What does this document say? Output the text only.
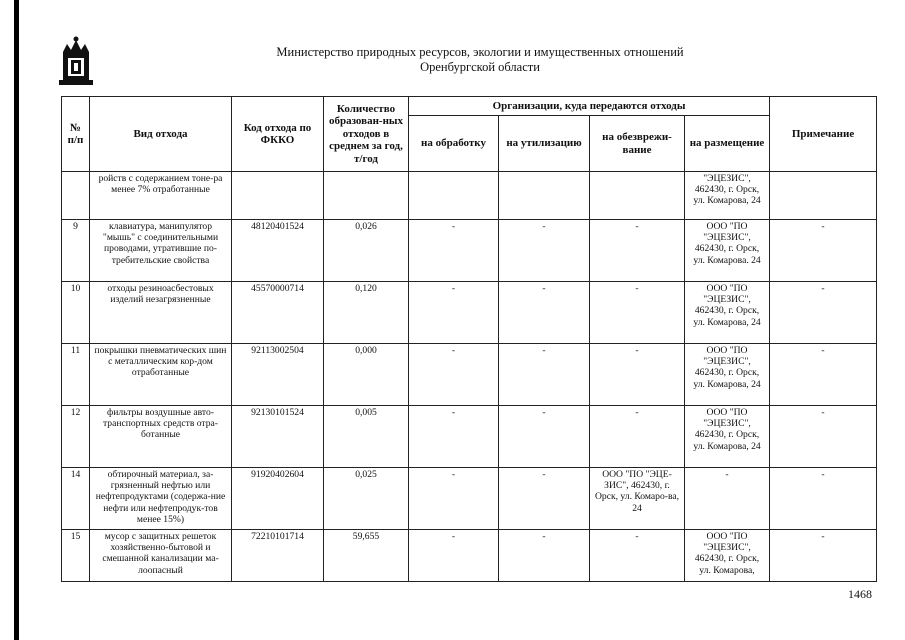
Министерство природных ресурсов, экологии и имущественных отношений
Оренбургской области
№ п/п	Вид отхода	Код отхода по ФККО	Количество образован-ных отходов в среднем за год, т/год	Организации, куда передаются отходы				Примечание
				на обработку	на утилизацию	на обезврежи-вание	на размещение	
	ройств с содержанием тоне-ра менее 7% отработанные						"ЭЦЕЗИС", 462430, г. Орск, ул. Комарова, 24	
9	клавиатура, манипулятор "мышь" с соединительными проводами, утратившие по-требительские свойства	48120401524	0,026	-	-	-	ООО "ПО "ЭЦЕЗИС", 462430, г. Орск, ул. Комарова. 24	-
10	отходы резиноасбестовых изделий незагрязненные	45570000714	0,120	-	-	-	ООО "ПО "ЭЦЕЗИС", 462430, г. Орск, ул. Комарова, 24	-
11	покрышки пневматических шин с металлическим кор-дом отработанные	92113002504	0,000	-	-	-	ООО "ПО "ЭЦЕЗИС", 462430, г. Орск, ул. Комарова, 24	-
12	фильтры воздушные авто-транспортных средств отра-ботанные	92130101524	0,005	-	-	-	ООО "ПО "ЭЦЕЗИС", 462430, г. Орск, ул. Комарова, 24	-
14	обтирочный материал, за-грязненный нефтью или нефтепродуктами (содержа-ние нефти или нефтепродук-тов менее 15%)	91920402604	0,025	-	-	ООО "ПО "ЭЦЕ-ЗИС", 462430, г. Орск, ул. Комаро-ва, 24	-	-
15	мусор с защитных решеток хозяйственно-бытовой и смешанной канализации ма-лоопасный	72210101714	59,655	-	-	-	ООО "ПО "ЭЦЕЗИС", 462430, г. Орск, ул. Комарова,	-
1468
